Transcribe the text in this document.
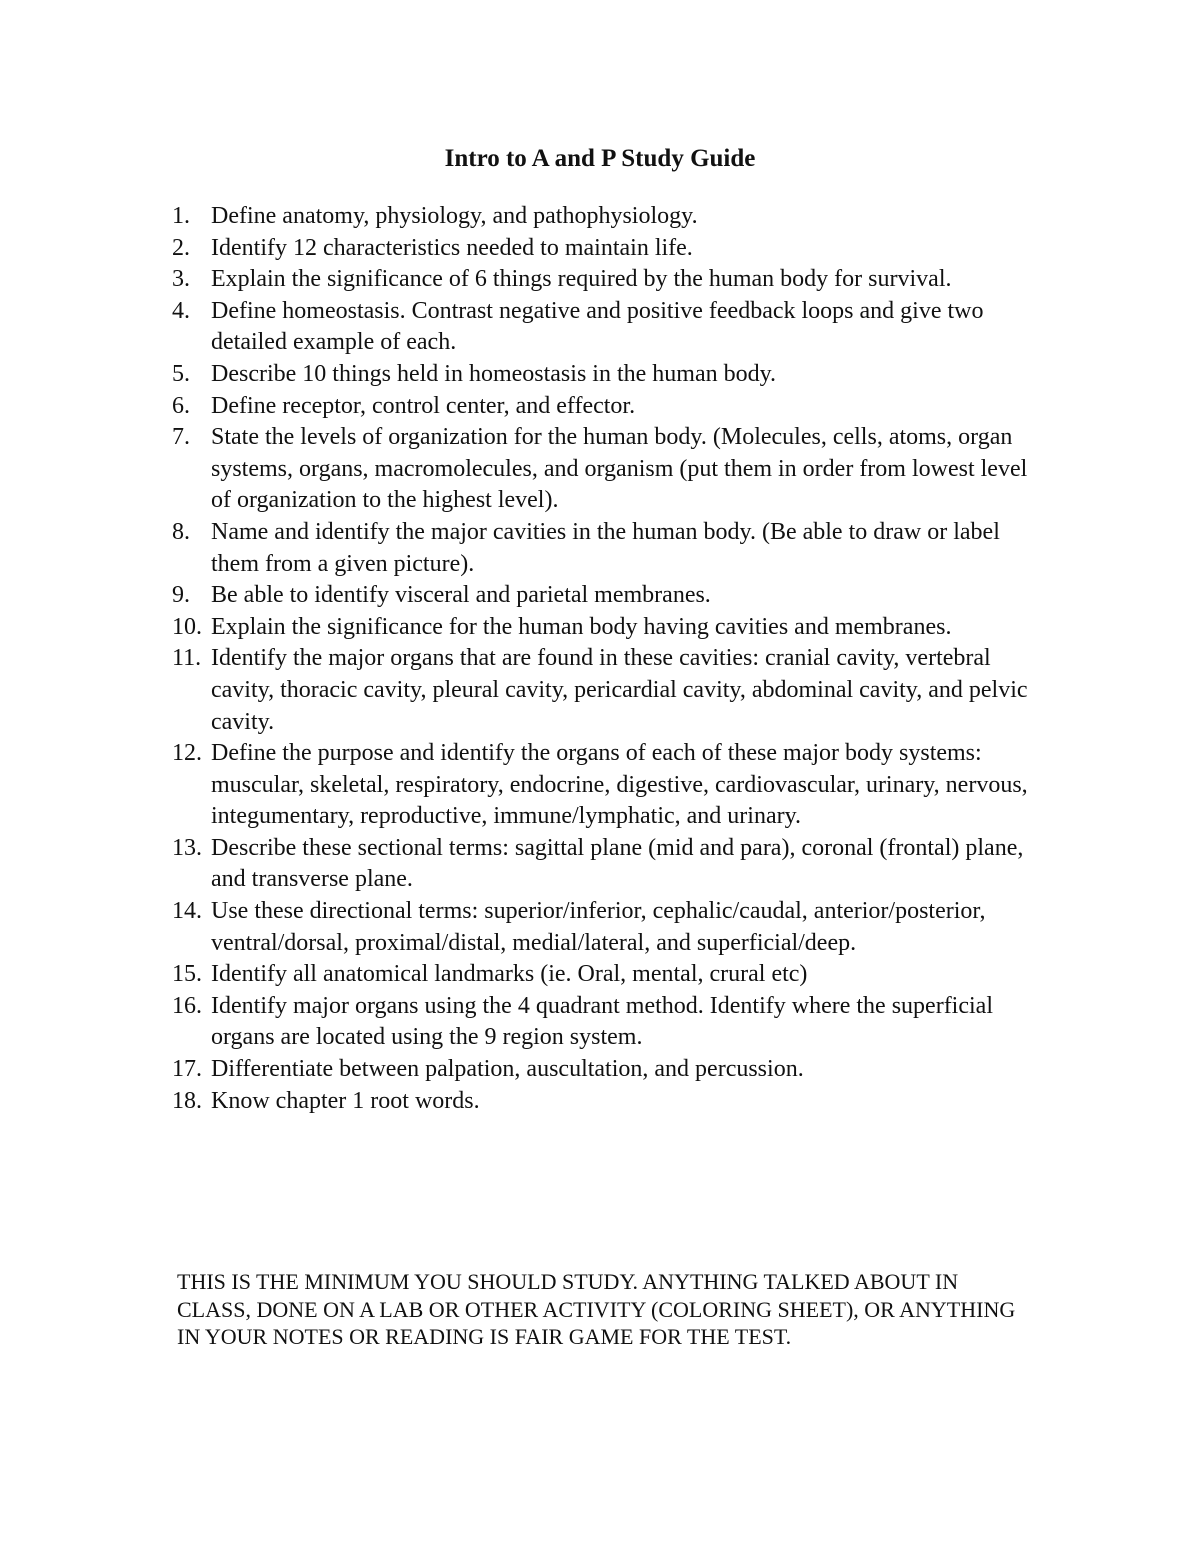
Intro to A and P Study Guide
1. Define anatomy, physiology, and pathophysiology.
2. Identify 12 characteristics needed to maintain life.
3. Explain the significance of 6 things required by the human body for survival.
4. Define homeostasis. Contrast negative and positive feedback loops and give two detailed example of each.
5. Describe 10 things held in homeostasis in the human body.
6. Define receptor, control center, and effector.
7. State the levels of organization for the human body. (Molecules, cells, atoms, organ systems, organs, macromolecules, and organism (put them in order from lowest level of organization to the highest level).
8. Name and identify the major cavities in the human body. (Be able to draw or label them from a given picture).
9. Be able to identify visceral and parietal membranes.
10. Explain the significance for the human body having cavities and membranes.
11. Identify the major organs that are found in these cavities: cranial cavity, vertebral cavity, thoracic cavity, pleural cavity, pericardial cavity, abdominal cavity, and pelvic cavity.
12. Define the purpose and identify the organs of each of these major body systems: muscular, skeletal, respiratory, endocrine, digestive, cardiovascular, urinary, nervous, integumentary, reproductive, immune/lymphatic, and urinary.
13. Describe these sectional terms: sagittal plane (mid and para), coronal (frontal) plane, and transverse plane.
14. Use these directional terms: superior/inferior, cephalic/caudal, anterior/posterior, ventral/dorsal, proximal/distal, medial/lateral, and superficial/deep.
15. Identify all anatomical landmarks (ie. Oral, mental, crural etc)
16. Identify major organs using the 4 quadrant method. Identify where the superficial organs are located using the 9 region system.
17. Differentiate between palpation, auscultation, and percussion.
18. Know chapter 1 root words.

THIS IS THE MINIMUM YOU SHOULD STUDY. ANYTHING TALKED ABOUT IN CLASS, DONE ON A LAB OR OTHER ACTIVITY (COLORING SHEET), OR ANYTHING IN YOUR NOTES OR READING IS FAIR GAME FOR THE TEST.
